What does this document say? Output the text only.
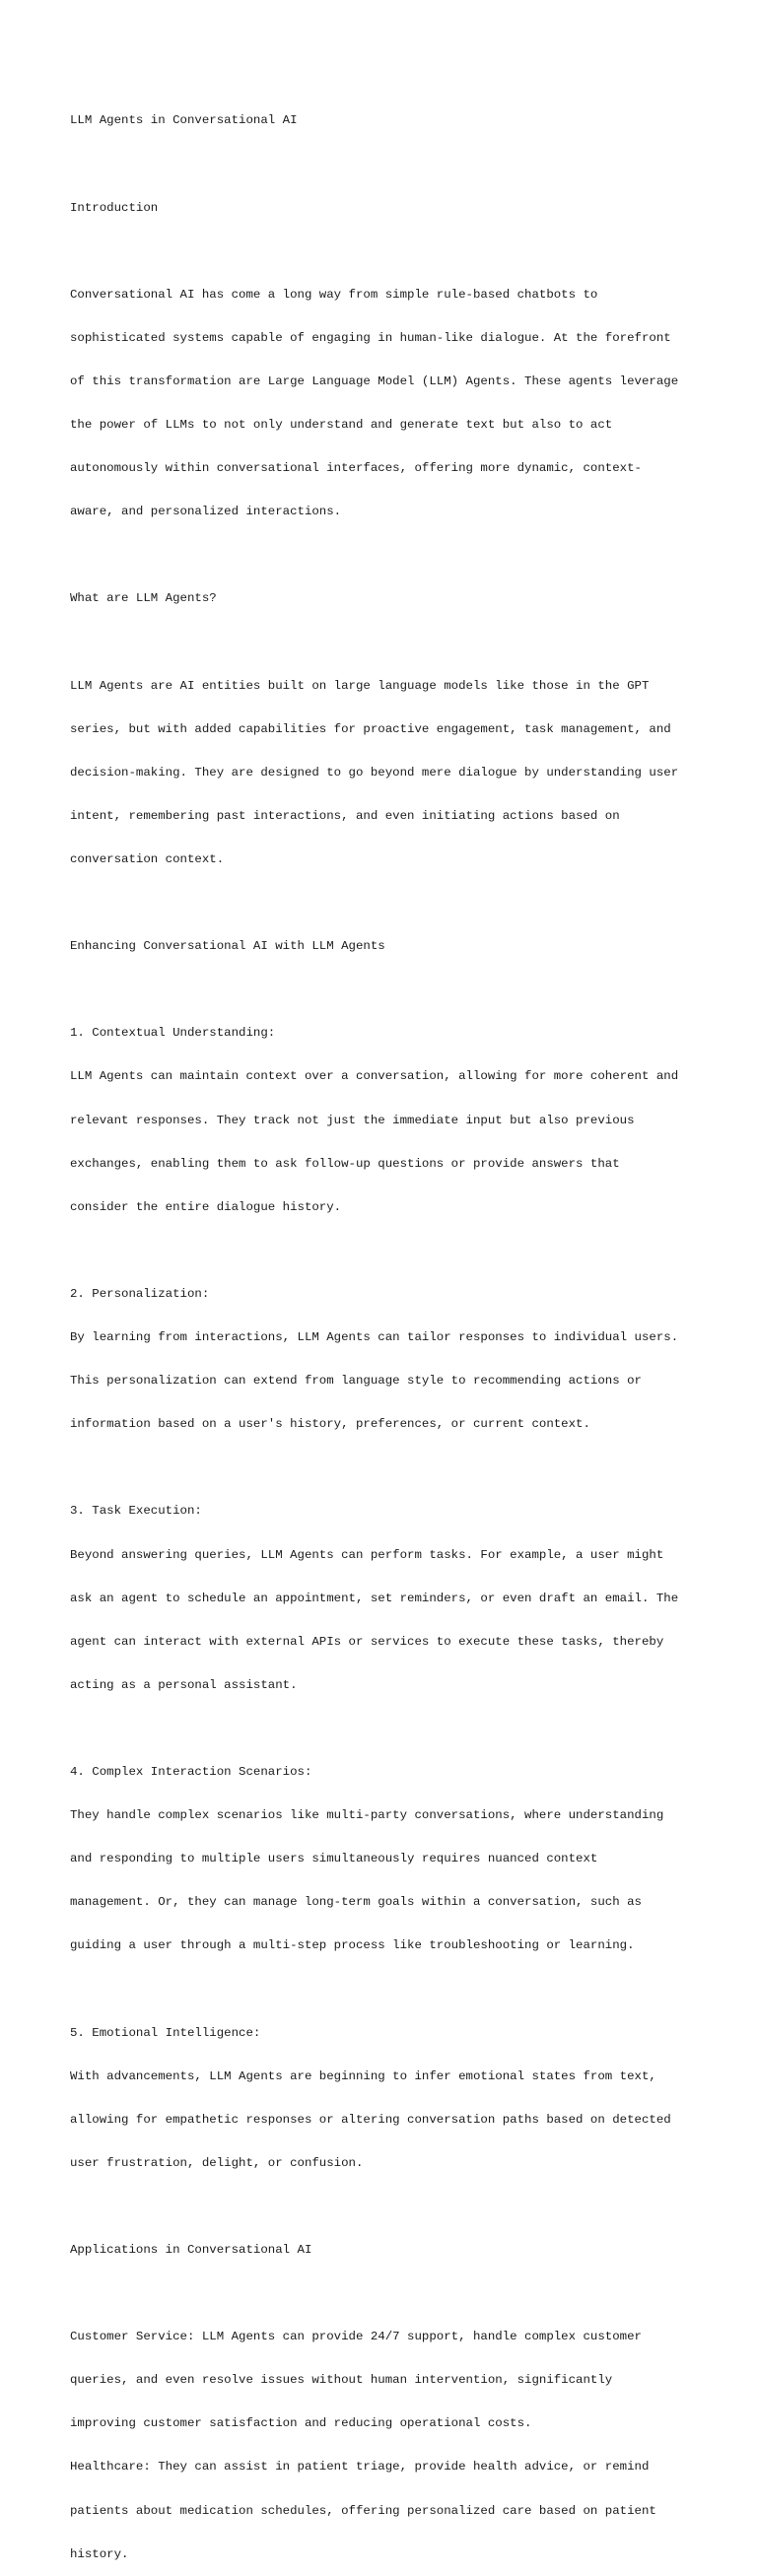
LLM Agents in Conversational AI

Introduction

Conversational AI has come a long way from simple rule-based chatbots to

sophisticated systems capable of engaging in human-like dialogue. At the forefront

of this transformation are Large Language Model (LLM) Agents. These agents leverage

the power of LLMs to not only understand and generate text but also to act

autonomously within conversational interfaces, offering more dynamic, context-

aware, and personalized interactions.

What are LLM Agents?

LLM Agents are AI entities built on large language models like those in the GPT

series, but with added capabilities for proactive engagement, task management, and

decision-making. They are designed to go beyond mere dialogue by understanding user

intent, remembering past interactions, and even initiating actions based on

conversation context.

Enhancing Conversational AI with LLM Agents

1. Contextual Understanding:

LLM Agents can maintain context over a conversation, allowing for more coherent and

relevant responses. They track not just the immediate input but also previous

exchanges, enabling them to ask follow-up questions or provide answers that

consider the entire dialogue history.

2. Personalization:

By learning from interactions, LLM Agents can tailor responses to individual users.

This personalization can extend from language style to recommending actions or

information based on a user's history, preferences, or current context.

3. Task Execution:

Beyond answering queries, LLM Agents can perform tasks. For example, a user might

ask an agent to schedule an appointment, set reminders, or even draft an email. The

agent can interact with external APIs or services to execute these tasks, thereby

acting as a personal assistant.

4. Complex Interaction Scenarios:

They handle complex scenarios like multi-party conversations, where understanding

and responding to multiple users simultaneously requires nuanced context

management. Or, they can manage long-term goals within a conversation, such as

guiding a user through a multi-step process like troubleshooting or learning.

5. Emotional Intelligence:

With advancements, LLM Agents are beginning to infer emotional states from text,

allowing for empathetic responses or altering conversation paths based on detected

user frustration, delight, or confusion.

Applications in Conversational AI

Customer Service: LLM Agents can provide 24/7 support, handle complex customer

queries, and even resolve issues without human intervention, significantly

improving customer satisfaction and reducing operational costs.

Healthcare: They can assist in patient triage, provide health advice, or remind

patients about medication schedules, offering personalized care based on patient

history.
